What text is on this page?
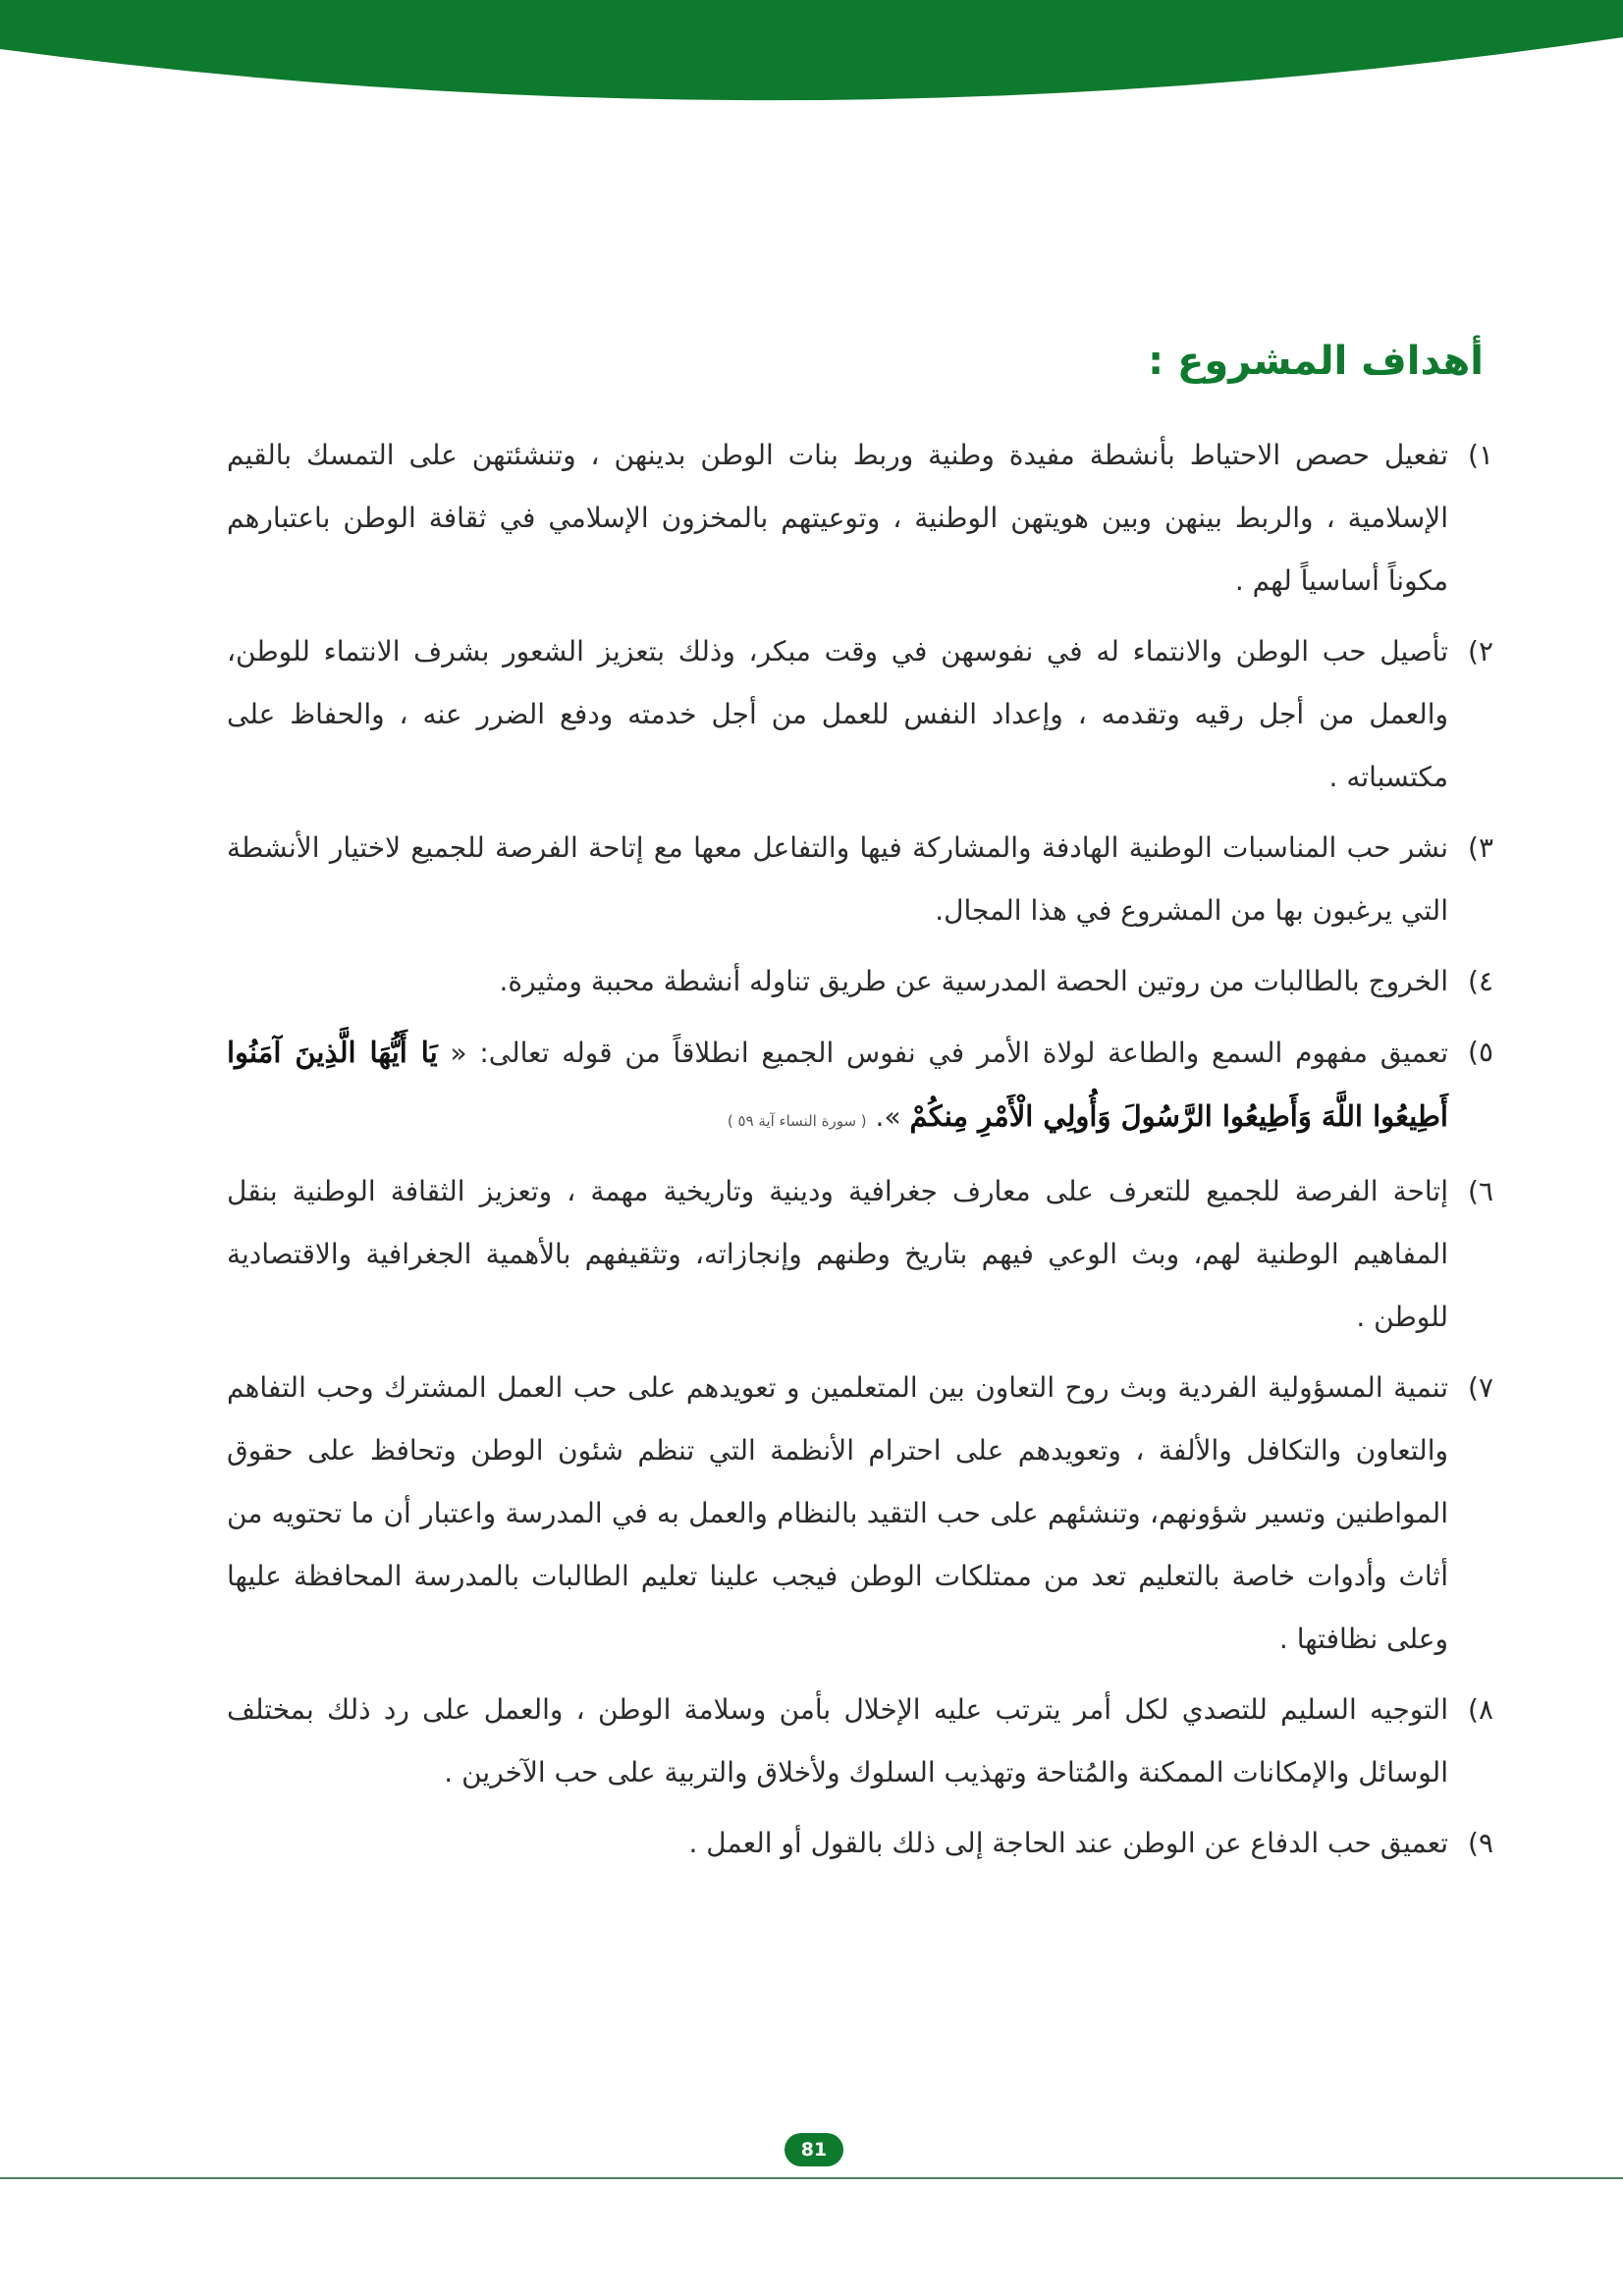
أهداف المشروع :
١)
تفعيل حصص الاحتياط بأنشطة مفيدة وطنية وربط بنات الوطن بدينهن ، وتنشئتهن على التمسك بالقيم الإسلامية ، والربط بينهن وبين هويتهن الوطنية ، وتوعيتهم بالمخزون الإسلامي في ثقافة الوطن باعتبارهم مكوناً أساسياً لهم .
٢)
تأصيل حب الوطن والانتماء له في نفوسهن في وقت مبكر، وذلك بتعزيز الشعور بشرف الانتماء للوطن، والعمل من أجل رقيه وتقدمه ، وإعداد النفس للعمل من أجل خدمته ودفع الضرر عنه ، والحفاظ على مكتسباته .
٣)
نشر حب المناسبات الوطنية الهادفة والمشاركة فيها والتفاعل معها مع إتاحة الفرصة للجميع لاختيار الأنشطة التي يرغبون بها من المشروع في هذا المجال.
٤)
الخروج بالطالبات من روتين الحصة المدرسية عن طريق تناوله أنشطة محببة ومثيرة.
٥)
تعميق مفهوم السمع والطاعة لولاة الأمر في نفوس الجميع انطلاقاً من قوله تعالى: « يَا أَيُّهَا الَّذِينَ آمَنُوا أَطِيعُوا اللَّهَ وَأَطِيعُوا الرَّسُولَ وَأُولِي الْأَمْرِ مِنكُمْ ». ( سورة النساء آية ٥٩ )
٦)
إتاحة الفرصة للجميع للتعرف على معارف جغرافية ودينية وتاريخية مهمة ، وتعزيز الثقافة الوطنية بنقل المفاهيم الوطنية لهم، وبث الوعي فيهم بتاريخ وطنهم وإنجازاته، وتثقيفهم بالأهمية الجغرافية والاقتصادية للوطن .
٧)
تنمية المسؤولية الفردية وبث روح التعاون بين المتعلمين و تعويدهم على حب العمل المشترك وحب التفاهم والتعاون والتكافل والألفة ، وتعويدهم على احترام الأنظمة التي تنظم شئون الوطن وتحافظ على حقوق المواطنين وتسير شؤونهم، وتنشئهم على حب التقيد بالنظام والعمل به في المدرسة واعتبار أن ما تحتويه من أثاث وأدوات خاصة بالتعليم تعد من ممتلكات الوطن فيجب علينا تعليم الطالبات بالمدرسة المحافظة عليها وعلى نظافتها .
٨)
التوجيه السليم للتصدي لكل أمر يترتب عليه الإخلال بأمن وسلامة الوطن ، والعمل على رد ذلك بمختلف الوسائل والإمكانات الممكنة والمُتاحة وتهذيب السلوك ولأخلاق والتربية على حب الآخرين .
٩)
تعميق حب الدفاع عن الوطن عند الحاجة إلى ذلك بالقول أو العمل .
81
